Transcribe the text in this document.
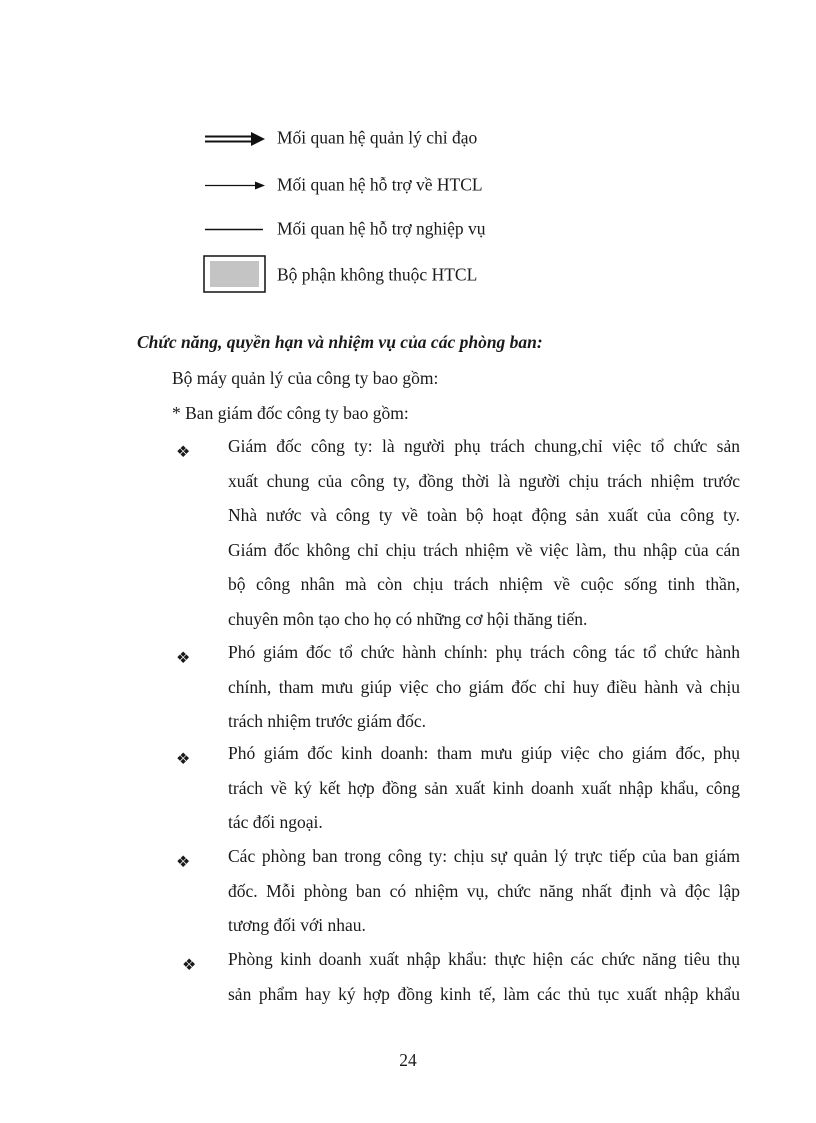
Mối quan hệ quản lý chỉ đạo
Mối quan hệ hỗ trợ về HTCL
Mối quan hệ hỗ trợ nghiệp vụ
Bộ phận không thuộc HTCL
Chức năng, quyền hạn và nhiệm vụ của các phòng ban:
Bộ máy quản lý của công ty bao gồm:
* Ban giám đốc công ty bao gồm:
❖ Giám đốc công ty: là người phụ trách chung,chỉ việc tổ chức sản
xuất chung của công ty, đồng thời là người chịu trách nhiệm trước
Nhà nước và công ty về toàn bộ hoạt động sản xuất của công ty.
Giám đốc không chỉ chịu trách nhiệm về việc làm, thu nhập của cán
bộ công nhân mà còn chịu trách nhiệm về cuộc sống tinh thần,
chuyên môn tạo cho họ có những cơ hội thăng tiến.
❖ Phó giám đốc tổ chức hành chính: phụ trách công tác tổ chức hành
chính, tham mưu giúp việc cho giám đốc chỉ huy điều hành và chịu
trách nhiệm trước giám đốc.
❖ Phó giám đốc kinh doanh: tham mưu giúp việc cho giám đốc, phụ
trách về ký kết hợp đồng sản xuất kinh doanh xuất nhập khẩu, công
tác đối ngoại.
❖ Các phòng ban trong công ty: chịu sự quản lý trực tiếp của ban giám
đốc. Mỗi phòng ban có nhiệm vụ, chức năng nhất định và độc lập
tương đối với nhau.
❖ Phòng kinh doanh xuất nhập khẩu: thực hiện các chức năng tiêu thụ
sản phẩm hay ký hợp đồng kinh tế, làm các thủ tục xuất nhập khẩu
24
